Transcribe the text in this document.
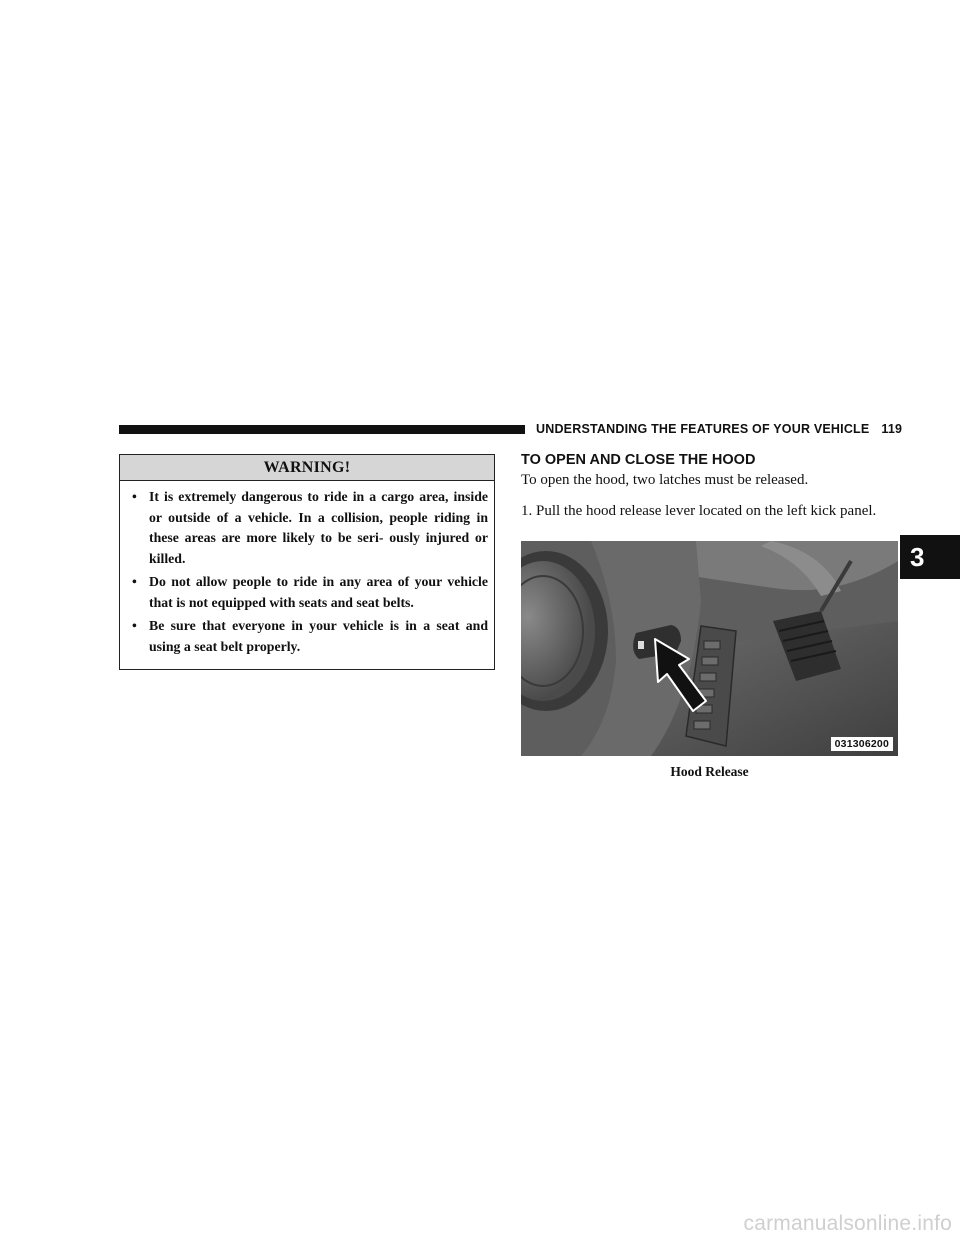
UNDERSTANDING THE FEATURES OF YOUR VEHICLE 119
3
WARNING!
• It is extremely dangerous to ride in a cargo area, inside or outside of a vehicle. In a collision, people riding in these areas are more likely to be seri- ously injured or killed.
• Do not allow people to ride in any area of your vehicle that is not equipped with seats and seat belts.
• Be sure that everyone in your vehicle is in a seat and using a seat belt properly.
TO OPEN AND CLOSE THE HOOD

To open the hood, two latches must be released.

1. Pull the hood release lever located on the left kick panel.

031306200
Hood Release
carmanualsonline.info
